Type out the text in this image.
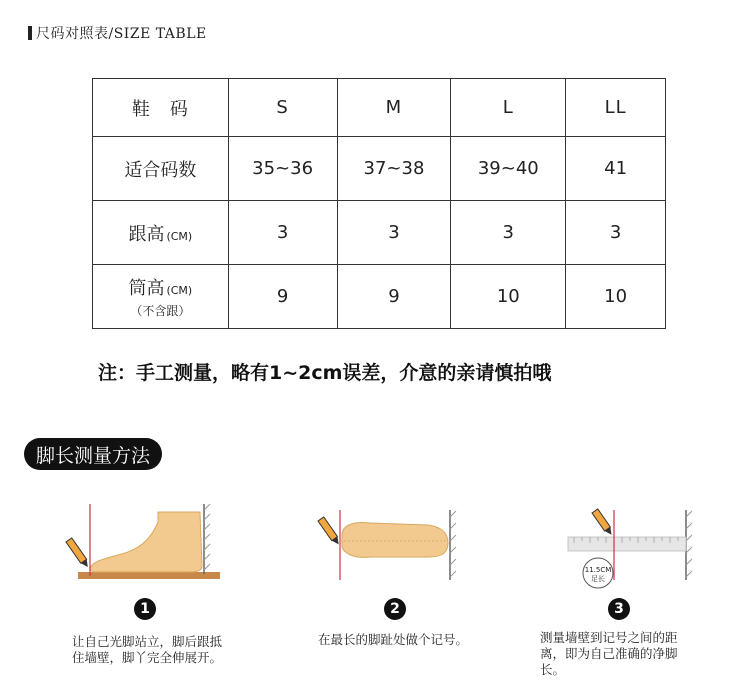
尺码对照表/SIZE TABLE
鞋　码	S	M	L	LL
适合码数	35~36	37~38	39~40	41
跟高 (CM)	3	3	3	3
筒高 (CM)
（不含跟）	9	9	10	10
注：手工测量，略有1~2cm误差，介意的亲请慎拍哦
脚长测量方法
11.5CM
足长
1	2	3
让自己光脚站立，脚后跟抵住墙壁，脚丫完全伸展开。
在最长的脚趾处做个记号。	测量墙壁到记号之间的距离，即为自己准确的净脚长。
